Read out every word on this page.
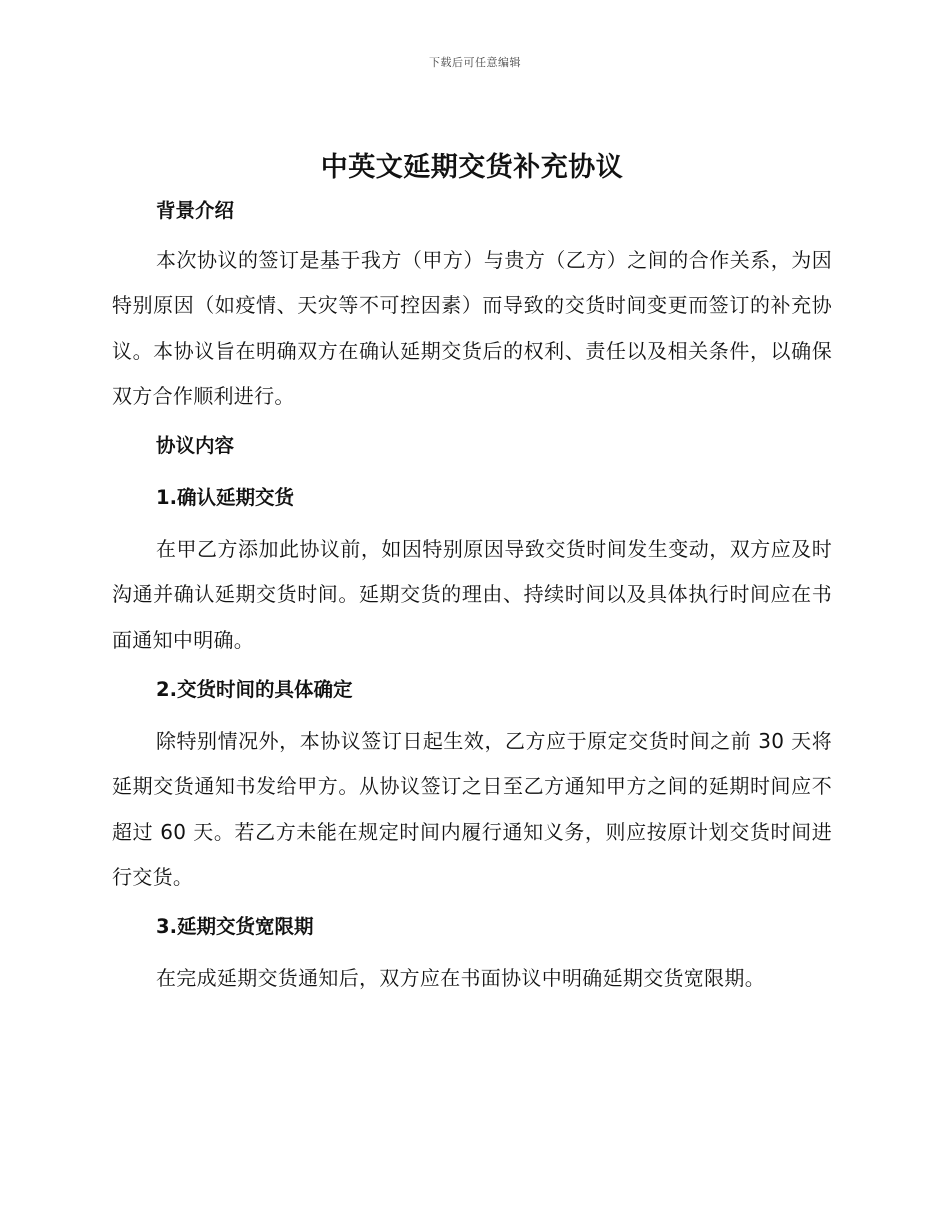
下载后可任意编辑
中英文延期交货补充协议
背景介绍

本次协议的签订是基于我方（甲方）与贵方（乙方）之间的合作关系，为因特别原因（如疫情、天灾等不可控因素）而导致的交货时间变更而签订的补充协议。本协议旨在明确双方在确认延期交货后的权利、责任以及相关条件，以确保双方合作顺利进行。

协议内容
1.确认延期交货

在甲乙方添加此协议前，如因特别原因导致交货时间发生变动，双方应及时沟通并确认延期交货时间。延期交货的理由、持续时间以及具体执行时间应在书面通知中明确。

2.交货时间的具体确定

除特别情况外，本协议签订日起生效，乙方应于原定交货时间之前 30 天将延期交货通知书发给甲方。从协议签订之日至乙方通知甲方之间的延期时间应不超过 60 天。若乙方未能在规定时间内履行通知义务，则应按原计划交货时间进行交货。

3.延期交货宽限期

在完成延期交货通知后，双方应在书面协议中明确延期交货宽限期。
